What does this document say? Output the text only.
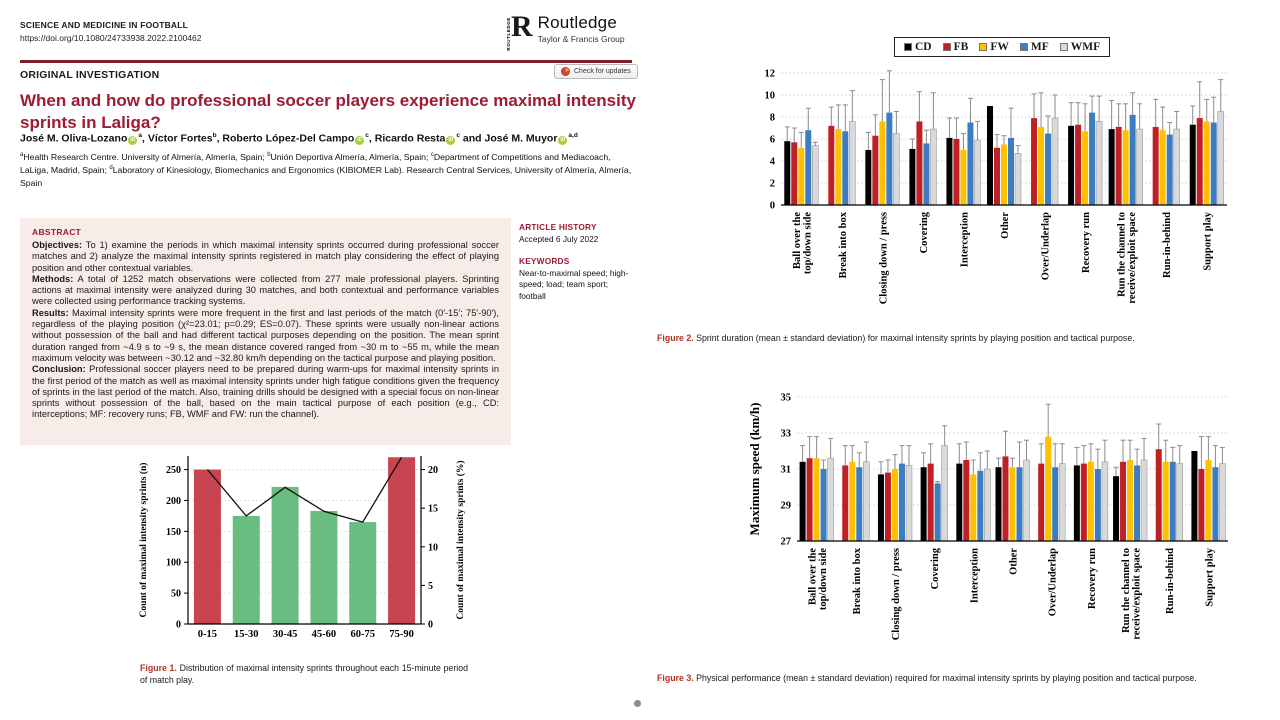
SCIENCE AND MEDICINE IN FOOTBALL
https://doi.org/10.1080/24733938.2022.2100462	ROUTLEDGE R Routledge
Taylor & Francis Group
ORIGINAL INVESTIGATION	Check for updates
When and how do professional soccer players experience maximal intensity sprints in Laliga?
José M. Oliva-Lozano $iD^a$, Víctor Fortes$^b$, Roberto López-Del Campo $iD^c$, Ricardo Resta $iD^c$ and José M. Muyor iD$^{a,d}$
$^a$Health Research Centre. University of Almería, Almería, Spain; $^b$Unión Deportiva Almería, Almería, Spain; $^c$Department of Competitions and Mediacoach, LaLiga, Madrid, Spain; $^d$Laboratory of Kinesiology, Biomechanics and Ergonomics (KIBIOMER Lab). Research Central Services, University of Almería, Almería, Spain
ABSTRACT
Objectives: To 1) examine the periods in which maximal intensity sprints occurred during professional soccer matches and 2) analyze the maximal intensity sprints registered in match play considering the effect of playing position and other contextual variables.
Methods: A total of 1252 match observations were collected from 277 male professional players. Sprinting actions at maximal intensity were analyzed during 30 matches, and both contextual and performance variables were collected using performance tracking systems.
Results: Maximal intensity sprints were more frequent in the first and last periods of the match (0′-15′; 75′-90′), regardless of the playing position (χ²=23.01; p=0.29; ES=0.07). These sprints were usually non-linear actions without possession of the ball and had different tactical purposes depending on the position. The mean sprint duration ranged from ~4.9 s to ~9 s, the mean distance covered ranged from ~30 m to ~55 m, while the mean maximum velocity was between ~30.12 and ~32.80 km/h depending on the tactical purpose and playing position.
Conclusion: Professional soccer players need to be prepared during warm-ups for maximal intensity sprints in the first period of the match as well as maximal intensity sprints under high fatigue conditions given the frequency of sprints in the last period of the match. Also, training drills should be designed with a special focus on non-linear sprints without possession of the ball, based on the main tactical purpose of each position (e.g., CD: interceptions; MF: recovery runs; FB, WMF and FW: run the channel).
ARTICLE HISTORY
Accepted 6 July 2022
KEYWORDS
Near-to-maximal speed; high-speed; load; team sport; football
0
50
100
150
200
250
0
5
10
15
20
0-15 15-30 30-45 45-60 60-75 75-90
Count of maximal intensity sprints (n)	Count of maximal intensity sprints (%)
Figure 1. Distribution of maximal intensity sprints throughout each 15-minute period of match play.
CD FB FW MF WMF
0
2
4
6
8
10
12
Ball over the top/down side Break into box	Closing down / press	Covering	Interception	Other	Over/Underlap	Recovery run Run the channel to receive/exploit space Run-in-behind	Support play
Figure 2. Sprint duration (mean ± standard deviation) for maximal intensity sprints by playing position and tactical purpose.
27
29
31
33
35
Ball over the top/down side Break into box	Closing down / press	Covering	Interception	Other	Over/Underlap	Recovery run Run the channel to receive/exploit space Run-in-behind	Support play
Maximum speed (km/h)
Figure 3. Physical performance (mean ± standard deviation) required for maximal intensity sprints by playing position and tactical purpose.
